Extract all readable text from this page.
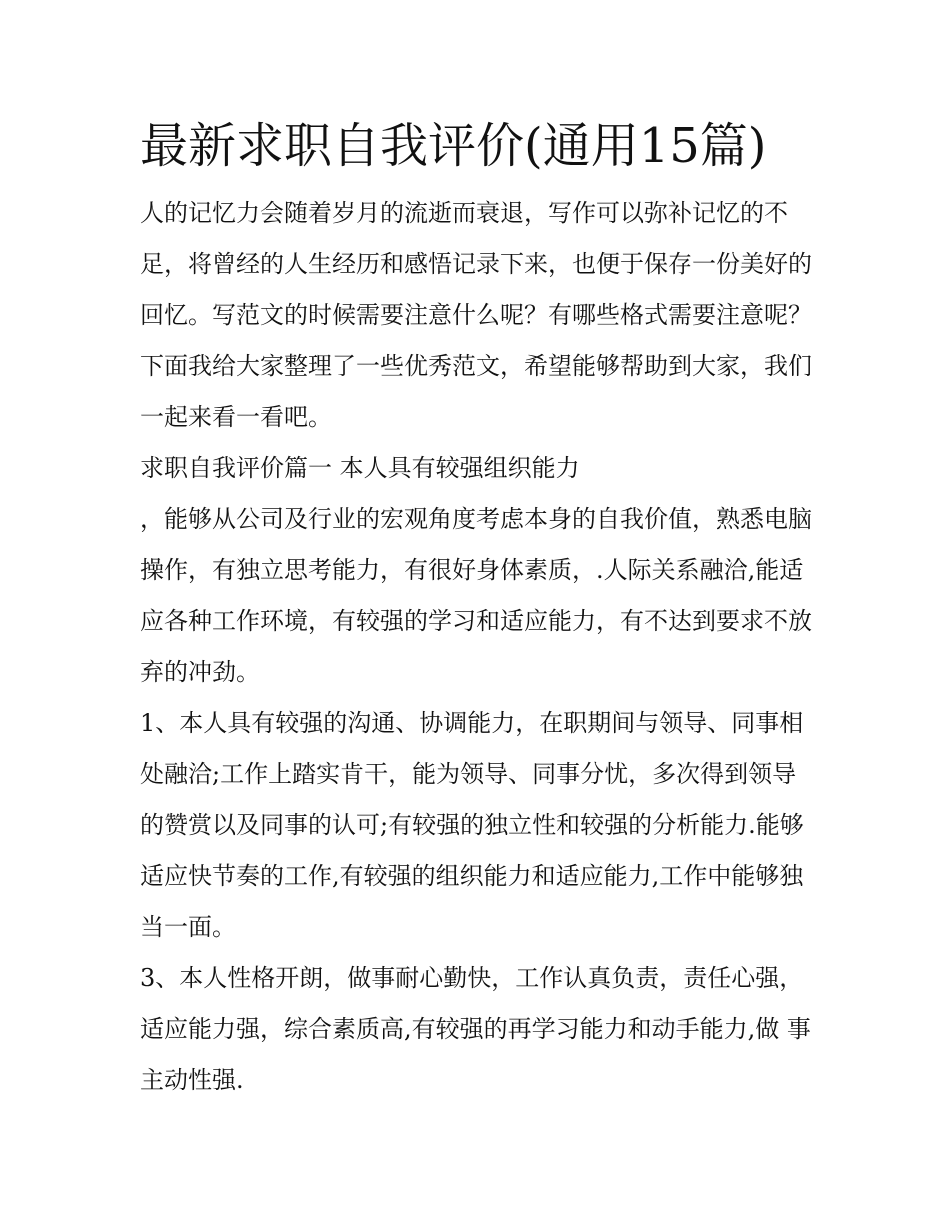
最新求职自我评价(通用15篇)

人的记忆力会随着岁月的流逝而衰退，写作可以弥补记忆的不足，将曾经的人生经历和感悟记录下来，也便于保存一份美好的回忆。写范文的时候需要注意什么呢？有哪些格式需要注意呢？下面我给大家整理了一些优秀范文，希望能够帮助到大家，我们一起来看一看吧。

求职自我评价篇一 本人具有较强组织能力

，能够从公司及行业的宏观角度考虑本身的自我价值，熟悉电脑操作，有独立思考能力，有很好身体素质，.人际关系融洽,能适应各种工作环境，有较强的学习和适应能力，有不达到要求不放弃的冲劲。

1、本人具有较强的沟通、协调能力，在职期间与领导、同事相处融洽;工作上踏实肯干，能为领导、同事分忧，多次得到领导的赞赏以及同事的认可;有较强的独立性和较强的分析能力.能够适应快节奏的工作,有较强的组织能力和适应能力,工作中能够独当一面。

3、本人性格开朗，做事耐心勤快，工作认真负责，责任心强，适应能力强，综合素质高,有较强的再学习能力和动手能力,做 事主动性强.
